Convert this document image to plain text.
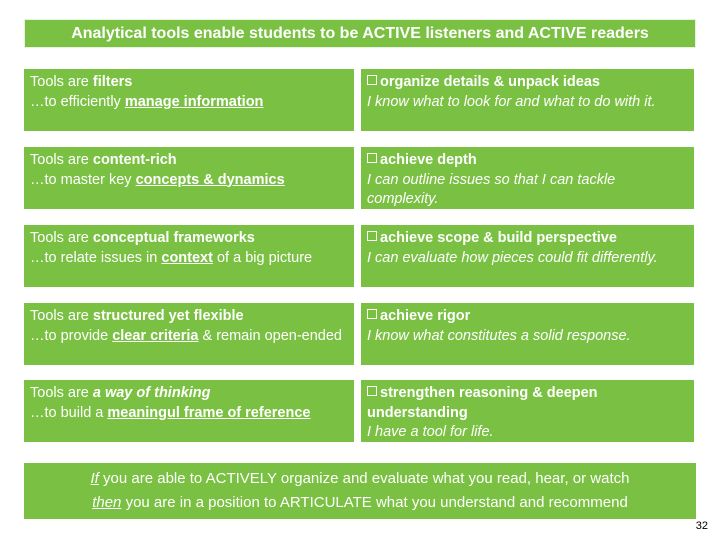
Analytical tools enable students to be ACTIVE listeners and ACTIVE readers
Tools are filters
…to efficiently manage information
organize details & unpack ideas
I know what to look for and what to do with it.
Tools are content-rich
…to master key concepts & dynamics
achieve depth
I can outline issues so that I can tackle complexity.
Tools are conceptual frameworks
…to relate issues in context of a big picture
achieve scope & build perspective
I can evaluate how pieces could fit differently.
Tools are structured yet flexible
…to provide clear criteria & remain open-ended
achieve rigor
I know what constitutes a solid response.
Tools are a way of thinking
…to build a meaningul frame of reference
strengthen reasoning & deepen understanding
I have a tool for life.
If you are able to ACTIVELY organize and evaluate what you read, hear, or watch
then you are in a position to ARTICULATE what you understand and recommend
32
